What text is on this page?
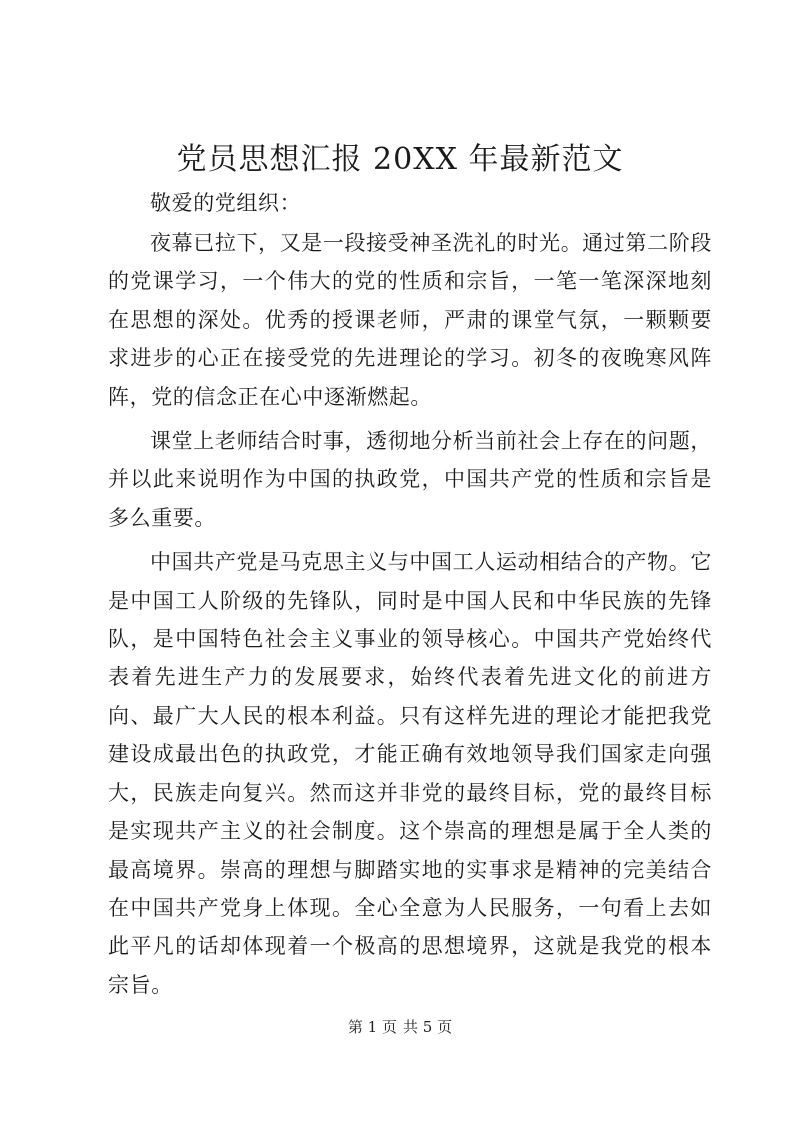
党员思想汇报 20XX 年最新范文

敬爱的党组织：

夜幕已拉下，又是一段接受神圣洗礼的时光。通过第二阶段的党课学习，一个伟大的党的性质和宗旨，一笔一笔深深地刻在思想的深处。优秀的授课老师，严肃的课堂气氛，一颗颗要求进步的心正在接受党的先进理论的学习。初冬的夜晚寒风阵阵，党的信念正在心中逐渐燃起。

课堂上老师结合时事，透彻地分析当前社会上存在的问题，并以此来说明作为中国的执政党，中国共产党的性质和宗旨是多么重要。

中国共产党是马克思主义与中国工人运动相结合的产物。它是中国工人阶级的先锋队，同时是中国人民和中华民族的先锋队，是中国特色社会主义事业的领导核心。中国共产党始终代表着先进生产力的发展要求，始终代表着先进文化的前进方向、最广大人民的根本利益。只有这样先进的理论才能把我党建设成最出色的执政党，才能正确有效地领导我们国家走向强大，民族走向复兴。然而这并非党的最终目标，党的最终目标是实现共产主义的社会制度。这个崇高的理想是属于全人类的最高境界。崇高的理想与脚踏实地的实事求是精神的完美结合在中国共产党身上体现。全心全意为人民服务，一句看上去如此平凡的话却体现着一个极高的思想境界，这就是我党的根本宗旨。

第 1 页 共 5 页
